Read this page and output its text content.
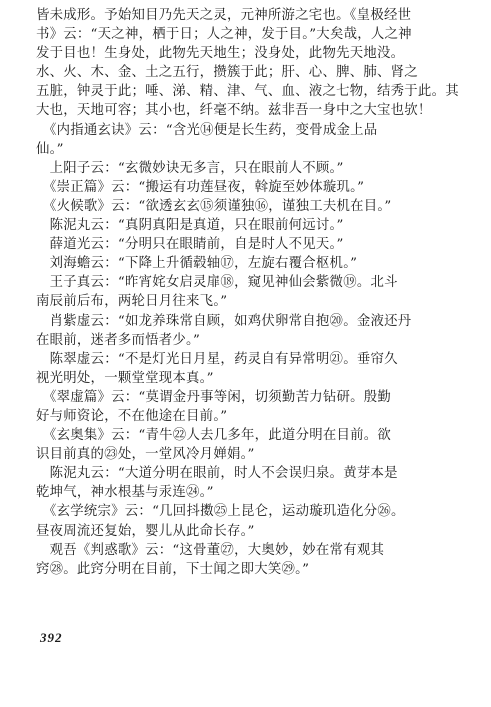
皆未成形。予始知目乃先天之灵，元神所游之宅也。《皇极经世
书》云：“天之神，栖于日；人之神，发于目。”大矣哉，人之神
发于目也！生身处，此物先天地生；没身处，此物先天地没。
水、火、木、金、土之五行，攒簇于此；肝、心、脾、肺、肾之
五脏，钟灵于此；唾、涕、精、津、气、血、液之七物，结秀于此。其
大也，天地可容；其小也，纤毫不纳。兹非吾一身中之大宝也欤！
　《内指通玄诀》云：“含光⑭便是长生药，变骨成金上品
仙。”
　上阳子云：“玄微妙诀无多言，只在眼前人不顾。”
　《崇正篇》云：“搬运有功莲昼夜，斡旋至妙体璇玑。”
　《火候歌》云：“欲透玄玄⑮须谨独⑯，谨独工夫机在目。”
　陈泥丸云：“真阴真阳是真道，只在眼前何远讨。”
　薛道光云：“分明只在眼睛前，自是时人不见天。”
　刘海蟾云：“下降上升循毂轴⑰，左旋右覆合枢机。”
　王子真云：“昨宵姹女启灵扉⑱，窥见神仙会紫微⑲。北斗
南辰前后布，两轮日月往来飞。”
　肖紫虚云：“如龙养珠常自顾，如鸡伏卵常自抱⑳。金液还丹
在眼前，迷者多而悟者少。”
　陈翠虚云：“不是灯光日月星，药灵自有异常明㉑。垂帘久
视光明处，一颗堂堂现本真。”
　《翠虚篇》云：“莫谓金丹事等闲，切须勤苦力钻研。殷勤
好与师资论，不在他途在目前。”
　《玄奥集》云：“青牛㉒人去几多年，此道分明在目前。欲
识目前真的㉓处，一堂风冷月婵娟。”
　陈泥丸云：“大道分明在眼前，时人不会误归泉。黄芽本是
乾坤气，神水根基与汞连㉔。”
　《玄学统宗》云：“几回抖擞㉕上昆仑，运动璇玑造化分㉖。
昼夜周流还复始，婴儿从此命长存。”
　观吾《判惑歌》云：“这骨董㉗，大奥妙，妙在常有观其
窍㉘。此窍分明在目前，下士闻之即大笑㉙。”
392
